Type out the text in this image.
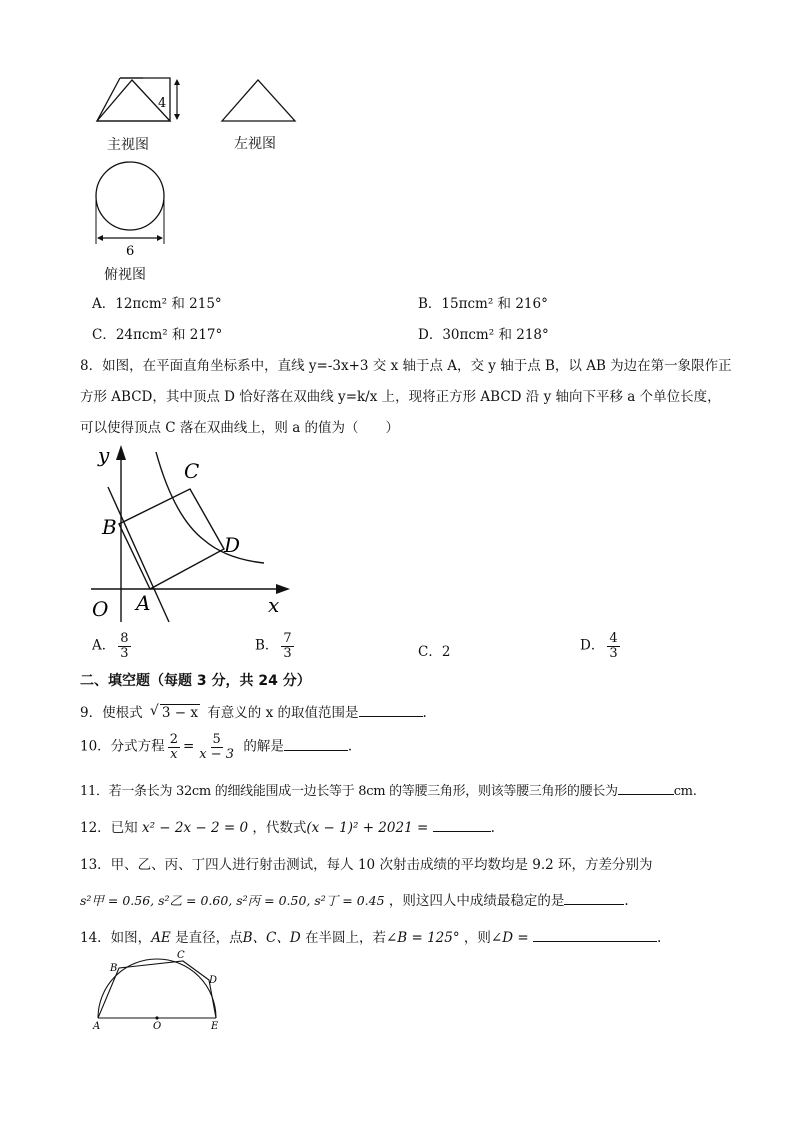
4
主视图	左视图
6
俯视图
A．12πcm² 和 215°	B．15πcm² 和 216°
C．24πcm² 和 217°	D．30πcm² 和 218°
8．如图，在平面直角坐标系中，直线 y=-3x+3 交 x 轴于点 A，交 y 轴于点 B，以 AB 为边在第一象限作正
方形 ABCD，其中顶点 D 恰好落在双曲线 y=k/x 上，现将正方形 ABCD 沿 y 轴向下平移 a 个单位长度，
可以使得顶点 C 落在双曲线上，则 a 的值为（　　）
y
x
O A
B
C
D
A． $\frac{8}{3}$	B． $\frac{7}{3}$	C．2	D． $\frac{4}{3}$
二、填空题（每题 3 分，共 24 分）
9．使根式 √ 3 − x 有意义的 x 的取值范围是	.
10．分式方程 $\frac{2}{x} = \frac{5}{x - 3}$ 的解是	.
11．若一条长为 32cm 的细线能围成一边长等于 8cm 的等腰三角形，则该等腰三角形的腰长为	cm.
12．已知 x² − 2x − 2 = 0 ，代数式(x − 1)² + 2021 =	.
13．甲、乙、丙、丁四人进行射击测试，每人 10 次射击成绩的平均数均是 9.2 环，方差分别为
s²甲 = 0.56, s²乙 = 0.60, s²丙 = 0.50, s²丁 = 0.45 ，则这四人中成绩最稳定的是	.
14．如图，AE 是直径，点B、C、D 在半圆上，若∠B = 125° ，则∠D =	.
A	O	E
B
C
D
